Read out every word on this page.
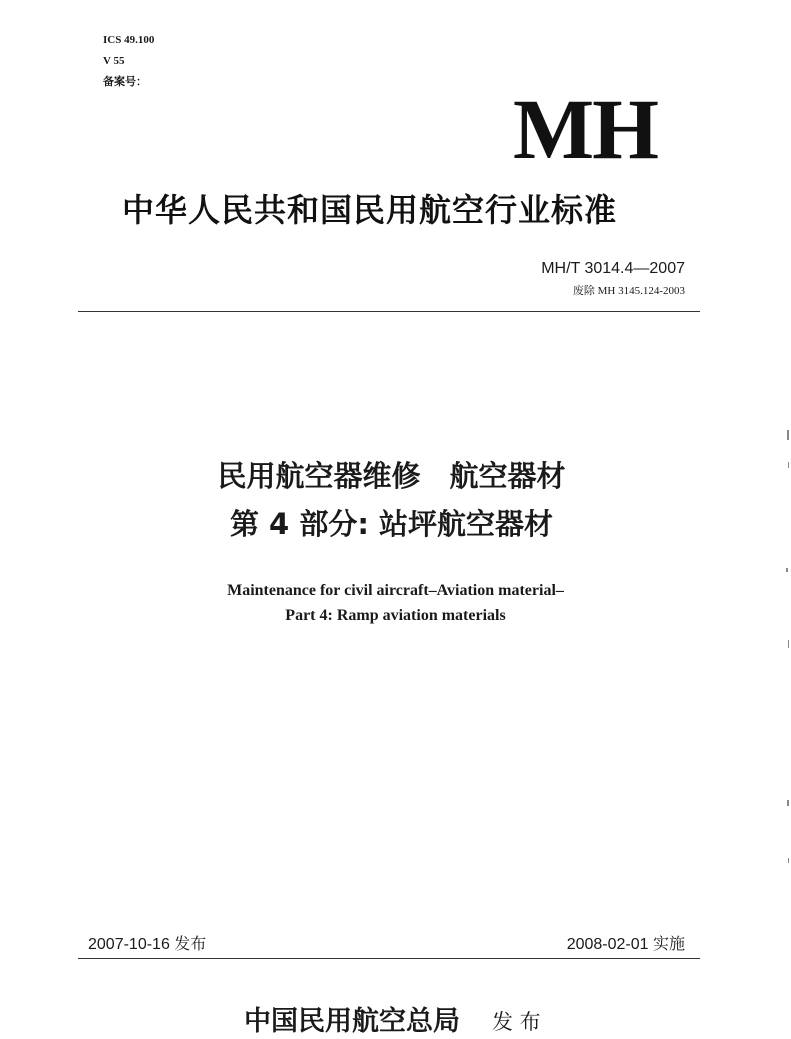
ICS 49.100
V 55
备案号：	MH
中华人民共和国民用航空行业标准
MH/T 3014.4—2007
废除 MH 3145.124-2003
民用航空器维修　航空器材
第 4 部分: 站坪航空器材
Maintenance for civil aircraft–Aviation material–
Part 4: Ramp aviation materials
2007-10-16 发布	2008-02-01 实施
中国民用航空总局 发 布
